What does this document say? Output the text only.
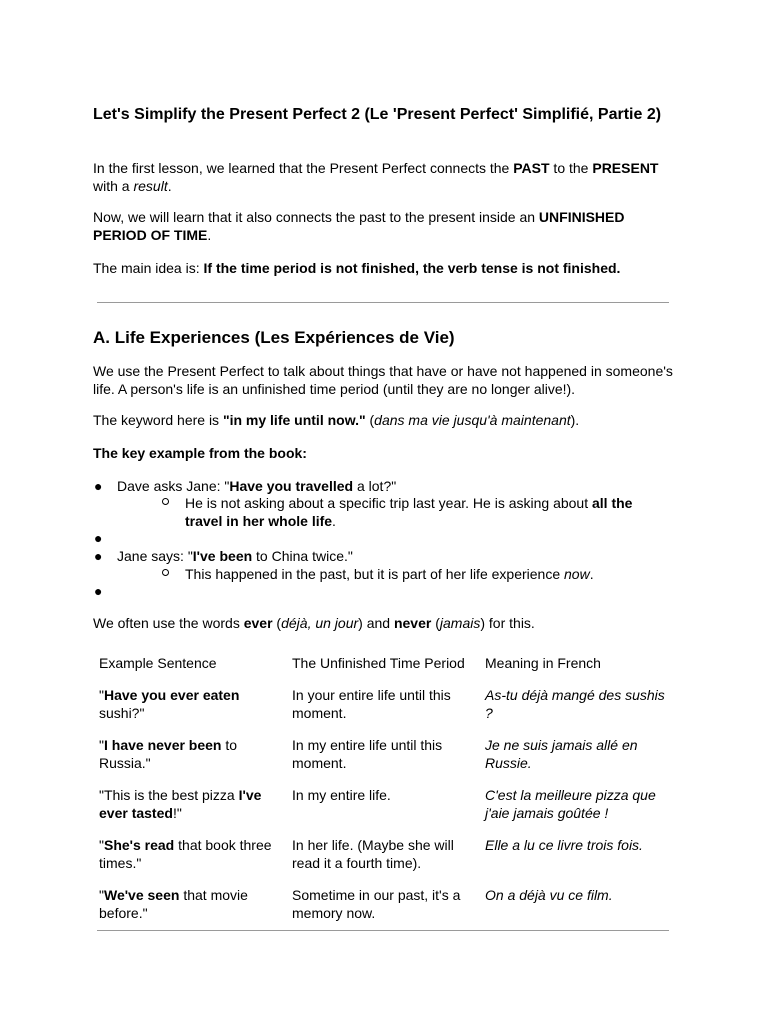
Let's Simplify the Present Perfect 2 (Le 'Present Perfect' Simplifié, Partie 2)

In the first lesson, we learned that the Present Perfect connects the PAST to the PRESENT with a result.

Now, we will learn that it also connects the past to the present inside an UNFINISHED PERIOD OF TIME.

The main idea is: If the time period is not finished, the verb tense is not finished.

A. Life Experiences (Les Expériences de Vie)

We use the Present Perfect to talk about things that have or have not happened in someone's life. A person's life is an unfinished time period (until they are no longer alive!).

The keyword here is "in my life until now." (dans ma vie jusqu'à maintenant).

The key example from the book:

● Dave asks Jane: "Have you travelled a lot?"
He is not asking about a specific trip last year. He is asking about all the travel in her whole life.
●
● Jane says: "I've been to China twice."
This happened in the past, but it is part of her life experience now.
●

We often use the words ever (déjà, un jour) and never (jamais) for this.

Example Sentence	The Unfinished Time Period	Meaning in French
"Have you ever eaten sushi?"	In your entire life until this moment.	As-tu déjà mangé des sushis ?
"I have never been to Russia."	In my entire life until this moment.	Je ne suis jamais allé en Russie.
"This is the best pizza I've ever tasted!"	In my entire life.	C'est la meilleure pizza que j'aie jamais goûtée !
"She's read that book three times."	In her life. (Maybe she will read it a fourth time).	Elle a lu ce livre trois fois.
"We've seen that movie before."	Sometime in our past, it's a memory now.	On a déjà vu ce film.
